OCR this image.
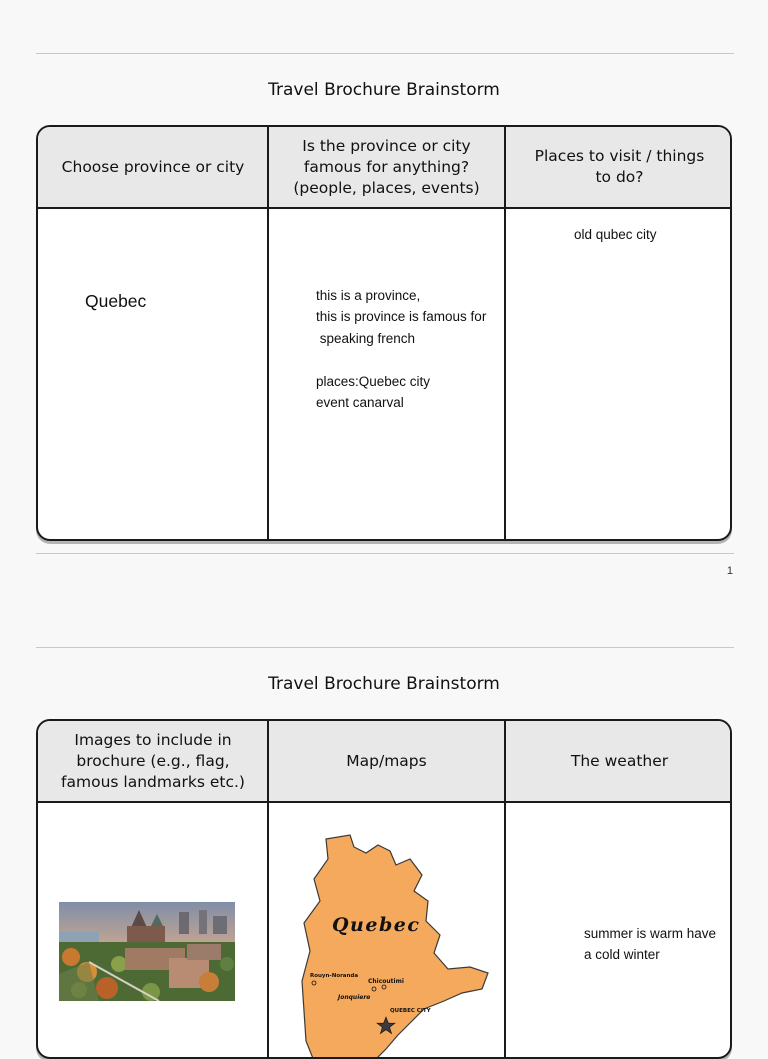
Travel Brochure Brainstorm
Choose province or city
Is the province or city famous for anything? (people, places, events)
Places to visit / things to do?
Quebec	this is a province,
this is province is famous for
speaking french

places:Quebec city
event canarval
old qubec city
1
Travel Brochure Brainstorm
Images to include in brochure (e.g., flag, famous landmarks etc.)
Map/maps	The weather
Quebec
Rouyn-Noranda
Chicoutimi
Jonquiere
QUEBEC CITY
summer is warm have
a cold winter
